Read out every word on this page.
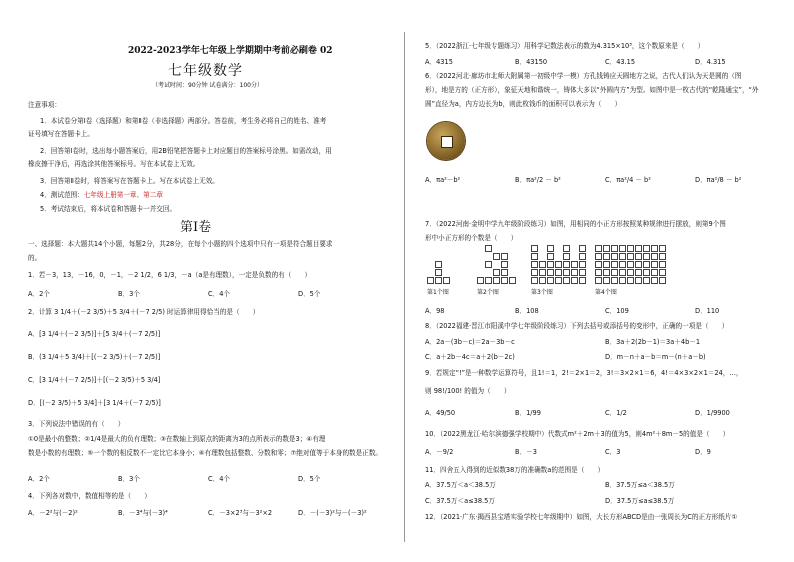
2022-2023学年七年级上学期期中考前必刷卷 02
七年级数学
（考试时间：90分钟 试卷满分：100分）
注意事项：
1．本试卷分第Ⅰ卷（选择题）和第Ⅱ卷（非选择题）两部分。答卷前，考生务必将自己的姓名、准考
证号填写在答题卡上。
2．回答第Ⅰ卷时，选出每小题答案后，用2B铅笔把答题卡上对应题目的答案标号涂黑。如需改动，用
橡皮擦干净后，再选涂其他答案标号。写在本试卷上无效。
3．回答第Ⅱ卷时，将答案写在答题卡上。写在本试卷上无效。
4．测试范围：七年级上册第一章、第二章
5．考试结束后，将本试卷和答题卡一并交回。
第Ⅰ卷
一、选择题：本大题共14个小题，每题2分，共28分，在每个小题的四个选项中只有一项是符合题目要求
的。
1．若－3，13，－16，0，－1，－2 1/2，6 1/3，－a（a是有理数），一定是负数的有（　　）
A．2个	B．3个	C．4个	D．5个
2．计算 3 1/4＋(－2 3/5)＋5 3/4＋(－7 2/5) 时运算律用得恰当的是（　　）
A．[3 1/4＋(－2 3/5)]＋[5 3/4＋(－7 2/5)]
B．(3 1/4＋5 3/4)＋[(－2 3/5)＋(－7 2/5)]
C．[3 1/4＋(－7 2/5)]＋[(－2 3/5)＋5 3/4]
D．[(－2 3/5)＋5 3/4]＋[3 1/4＋(－7 2/5)]
3．下列说法中错误的有（　　）
①0是最小的整数；②1/4是最大的负有理数；③在数轴上到原点的距离为3的点所表示的数是3；④有理
数是小数的有理数；⑤一个数的相反数不一定比它本身小；⑥有理数包括整数、分数和零；⑦绝对值等于本身的数是正数。
A．2个	B．3个	C．4个	D．5个
4．下列各对数中，数值相等的是（　　）
A．－2²与(－2)²	B．－3⁴与(－3)⁴	C．－3×2³与－3²×2	D．－(－3)²与－(－3)²
5．（2022浙江·七年级专题练习）用科学记数法表示的数为4.315×10³，这个数原来是（　　）
A．4315	B．43150	C．43.15	D．4.315
6．（2022河北·廊坊市北师大附属第一初级中学一模）方孔钱铸应天圆地方之说，古代人们认为天是圆的（图
形），地是方的（正方形），象征天地和谐统一，铸体大多以“外圆内方”为型。如图中是一枚古代的“乾隆通宝”，“外
圆”直径为a，内方边长为b，则此枚钱币的面积可以表示为（　　）
A．πa²－b²	B．πa²/2 － b²	C．πa²/4 － b²	D．πa²/8 － b²
7．（2022河南·金明中学九年级阶段练习）如图，用相同的小正方形按照某种规律进行摆放，则第9个图
形中小正方形的个数是（　　）
第1个图	第2个图	第3个图	第4个图
A．98	B．108	C．109	D．110
8．（2022福建·晋江市阳溪中学七年级阶段练习）下列去括号或添括号的变形中，正确的一项是（　　）
A．2a－(3b－c)＝2a－3b－c	B．3a＋2(2b－1)＝3a＋4b－1
C．a＋2b－4c＝a＋2(b－2c)	D．m－n＋a－b＝m－(n＋a－b)
9．若规定“!”是一种数学运算符号，且1!＝1，2!＝2×1＝2，3!＝3×2×1＝6，4!＝4×3×2×1＝24，…，
则 98!/100! 的值为（　　）
A．49/50	B．1/99	C．1/2	D．1/9900
10．（2022黑龙江·哈尔滨德强学校期中）代数式m²＋2m＋3的值为5，则4m²＋8m－5的值是（　　）
A．－9/2	B．－3	C．3	D．9
11．四舍五入得到的近似数38万的准确数a的范围是（　　）
A．37.5万＜a＜38.5万	B．37.5万≤a＜38.5万
C．37.5万＜a≤38.5万	D．37.5万≤a≤38.5万
12．（2021·广东·揭西县宝塔实验学校七年级期中）如图，大长方形ABCD是由一张周长为C的正方形纸片①
